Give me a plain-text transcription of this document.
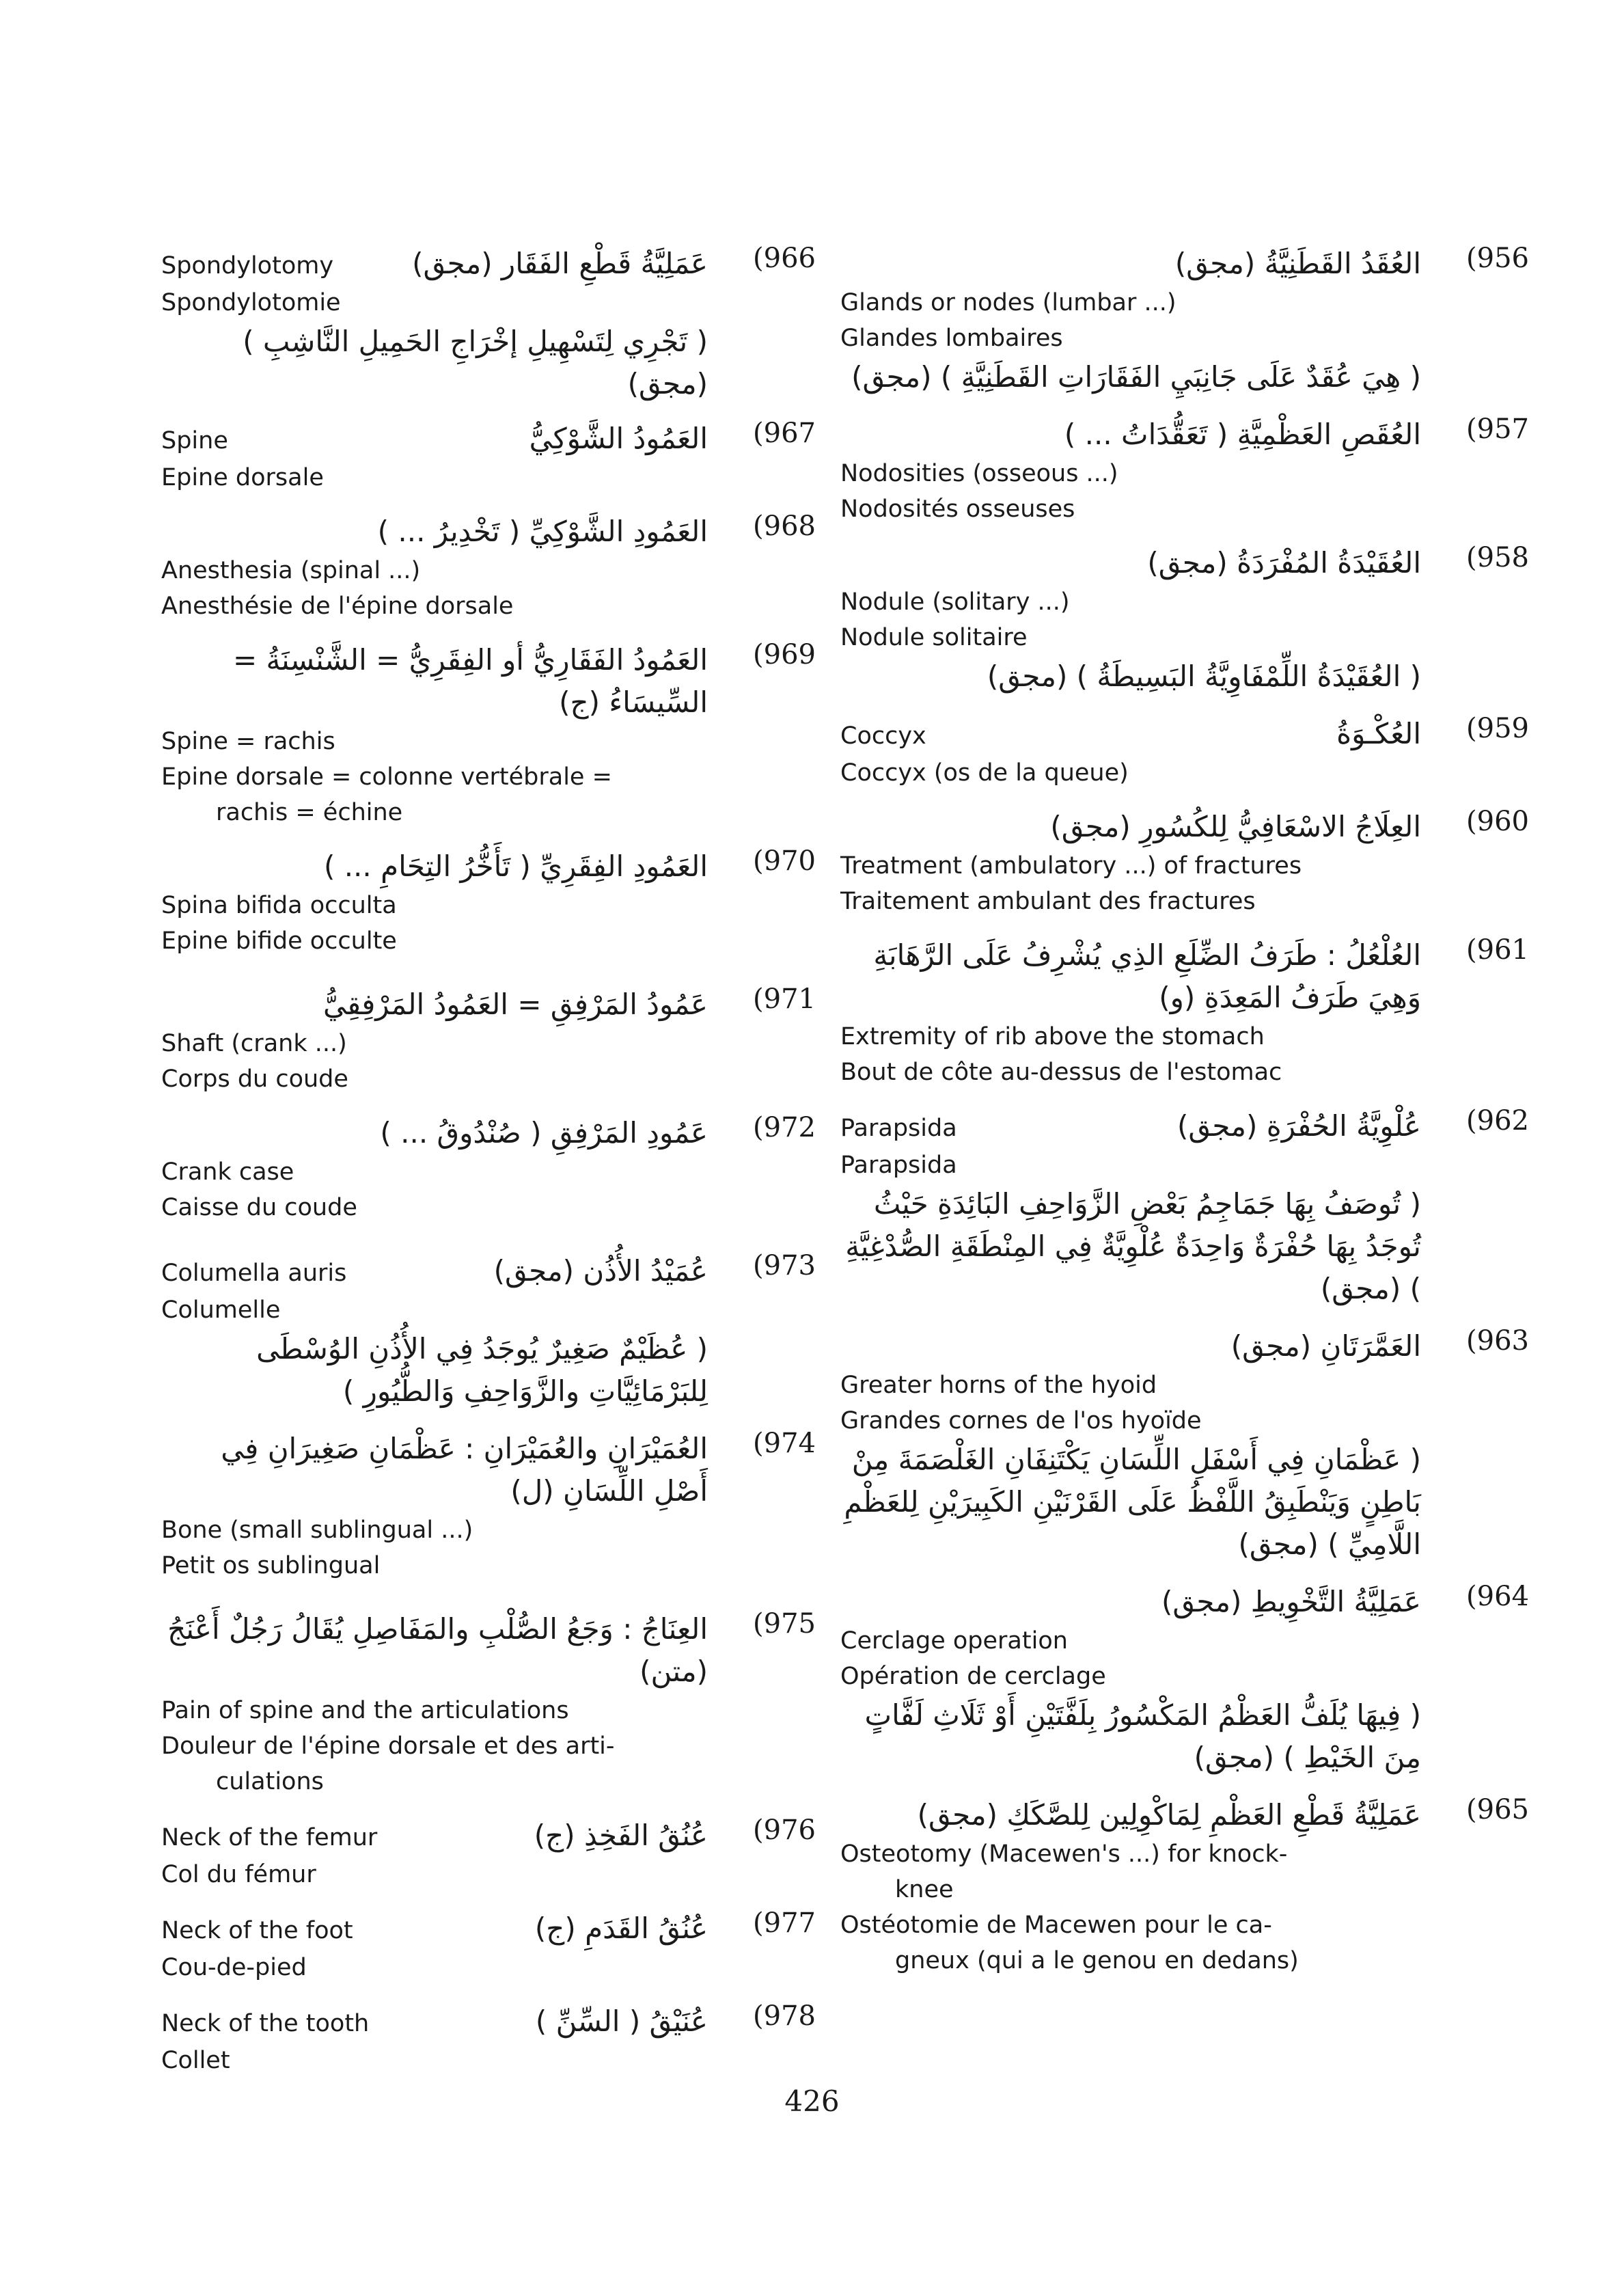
(966
Spondylotomy	عَمَلِيَّةُ قَطْعِ الفَقَار (مجق)
Spondylotomie
( تَجْرِي لِتَسْهِيلِ إخْرَاجِ الحَمِيلِ النَّاشِبِ ) (مجق)
(967
Spine	العَمُودُ الشَّوْكِيُّ
Epine dorsale
(968
العَمُودِ الشَّوْكِيِّ ( تَخْدِيرُ ... )
Anesthesia (spinal ...)
Anesthésie de l'épine dorsale
(969
العَمُودُ الفَقَارِيُّ أو الفِقَرِيُّ = الشَّنْسِنَةُ = السِّيسَاءُ (ج)
Spine = rachis
Epine dorsale = colonne vertébrale =
rachis = échine
(970
العَمُودِ الفِقَرِيِّ ( تَأَخُّرُ التِحَامِ ... )
Spina bifida occulta
Epine bifide occulte
(971
عَمُودُ المَرْفِقِ = العَمُودُ المَرْفِقِيُّ
Shaft (crank ...)
Corps du coude
(972
عَمُودِ المَرْفِقِ ( صُنْدُوقُ ... )
Crank case
Caisse du coude
(973
Columella auris	عُمَيْدُ الأُذُن (مجق)
Columelle
( عُظَيْمٌ صَغِيرٌ يُوجَدُ فِي الأُذُنِ الوُسْطَى لِلبَرْمَائِيَّاتِ والزَّوَاحِفِ وَالطُّيُورِ )
(974
العُمَيْرَانِ والعُمَيْرَانِ : عَظْمَانِ صَغِيرَانِ فِي أَصْلِ اللِّسَانِ (ل)
Bone (small sublingual ...)
Petit os sublingual
(975
العِنَاجُ : وَجَعُ الصُّلْبِ والمَفَاصِلِ يُقَالُ رَجُلٌ أَعْنَجُ (متن)
Pain of spine and the articulations
Douleur de l'épine dorsale et des arti-
culations
(976
Neck of the femur	عُنُقُ الفَخِذِ (ج)
Col du fémur
(977
Neck of the foot	عُنُقُ القَدَمِ (ج)
Cou-de-pied
(978
Neck of the tooth	عُنَيْقُ ( السِّنِّ )
Collet
(956
العُقَدُ القَطَنِيَّةُ (مجق)
Glands or nodes (lumbar ...)
Glandes lombaires
( هِيَ عُقَدٌ عَلَى جَانِبَيِ الفَقَارَاتِ القَطَنِيَّةِ ) (مجق)
(957
العُقَصِ العَظْمِيَّةِ ( تَعَقُّدَاتُ ... )
Nodosities (osseous ...)
Nodosités osseuses
(958
العُقَيْدَةُ المُفْرَدَةُ (مجق)
Nodule (solitary ...)
Nodule solitaire
( العُقَيْدَةُ اللِّمْفَاوِيَّةُ البَسِيطَةُ ) (مجق)
(959
Coccyx	العُكْـوَةُ
Coccyx (os de la queue)
(960
العِلَاجُ الاسْعَافِيُّ لِلكُسُورِ (مجق)
Treatment (ambulatory ...) of fractures
Traitement ambulant des fractures
(961
العُلْعُلُ : طَرَفُ الضِّلَعِ الذِي يُشْرِفُ عَلَى الرَّهَابَةِ وَهِيَ طَرَفُ المَعِدَةِ (و)
Extremity of rib above the stomach
Bout de côte au-dessus de l'estomac
(962
Parapsida	عُلْوِيَّةُ الحُفْرَةِ (مجق)
Parapsida
( تُوصَفُ بِهَا جَمَاجِمُ بَعْضِ الزَّوَاحِفِ البَائِدَةِ حَيْثُ تُوجَدُ بِهَا حُفْرَةٌ وَاحِدَةٌ عُلْوِيَّةٌ فِي المِنْطَقَةِ الصُّدْغِيَّةِ ) (مجق)
(963
العَمَّرَتَانِ (مجق)
Greater horns of the hyoid
Grandes cornes de l'os hyoïde
( عَظْمَانِ فِي أَسْفَلِ اللِّسَانِ يَكْتَنِفَانِ الغَلْصَمَةَ مِنْ بَاطِنٍ وَيَنْطَبِقُ اللَّفْظُ عَلَى القَرْنَيْنِ الكَبِيرَيْنِ لِلعَظْمِ اللَّامِيِّ ) (مجق)
(964
عَمَلِيَّةُ التَّخْوِيطِ (مجق)
Cerclage operation
Opération de cerclage
( فِيهَا يُلَفُّ العَظْمُ المَكْسُورُ بِلَفَّتَيْنِ أَوْ ثَلَاثِ لَفَّاتٍ مِنَ الخَيْطِ ) (مجق)
(965
عَمَلِيَّةُ قَطْعِ العَظْمِ لِمَاكْوِلِين لِلصَّكَكِ (مجق)
Osteotomy (Macewen's ...) for knock-
knee
Ostéotomie de Macewen pour le ca-
gneux (qui a le genou en dedans)
426
